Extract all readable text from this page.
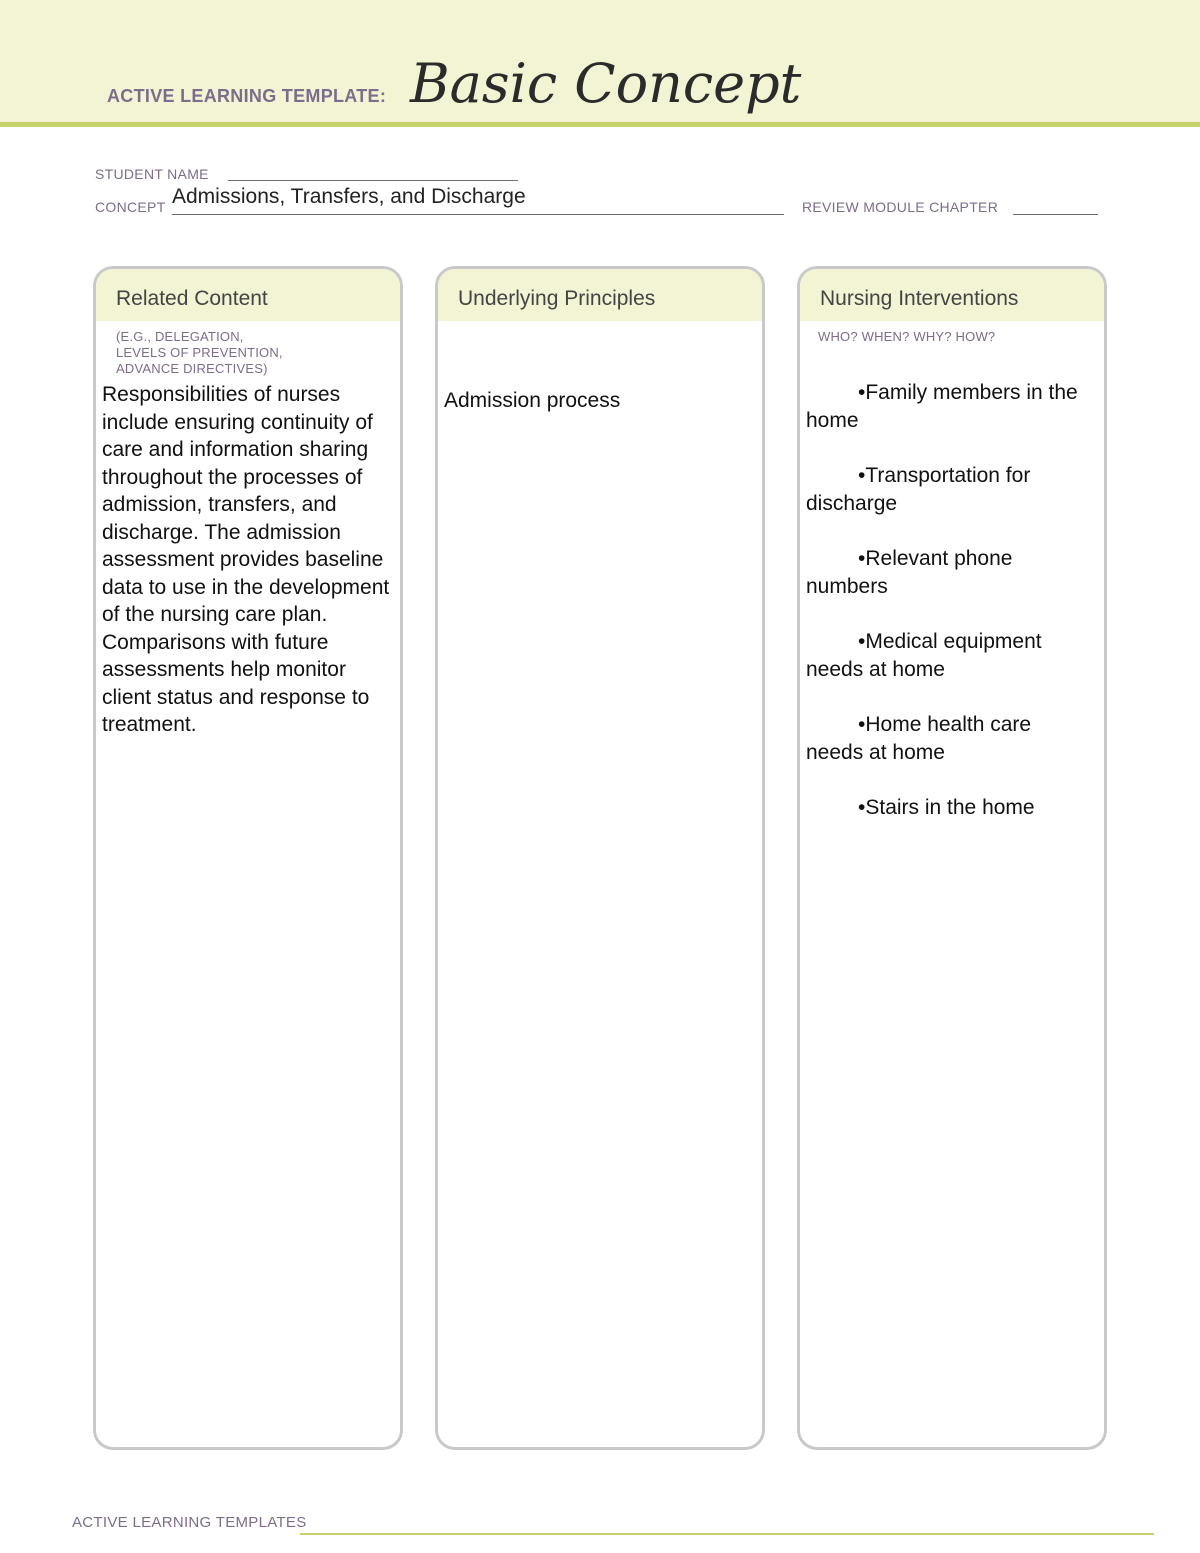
ACTIVE LEARNING TEMPLATE: Basic Concept
STUDENT NAME
CONCEPT Admissions, Transfers, and Discharge	REVIEW MODULE CHAPTER
Related Content
(E.G., DELEGATION,
LEVELS OF PREVENTION,
ADVANCE DIRECTIVES)
Responsibilities of nurses include ensuring continuity of care and information sharing throughout the processes of admission, transfers, and discharge. The admission assessment provides baseline data to use in the development of the nursing care plan. Comparisons with future assessments help monitor client status and response to treatment.
Underlying Principles
Admission process
Nursing Interventions
WHO? WHEN? WHY? HOW?
•Family members in the home
•Transportation for discharge
•Relevant phone numbers
•Medical equipment needs at home
•Home health care needs at home
•Stairs in the home
ACTIVE LEARNING TEMPLATES
